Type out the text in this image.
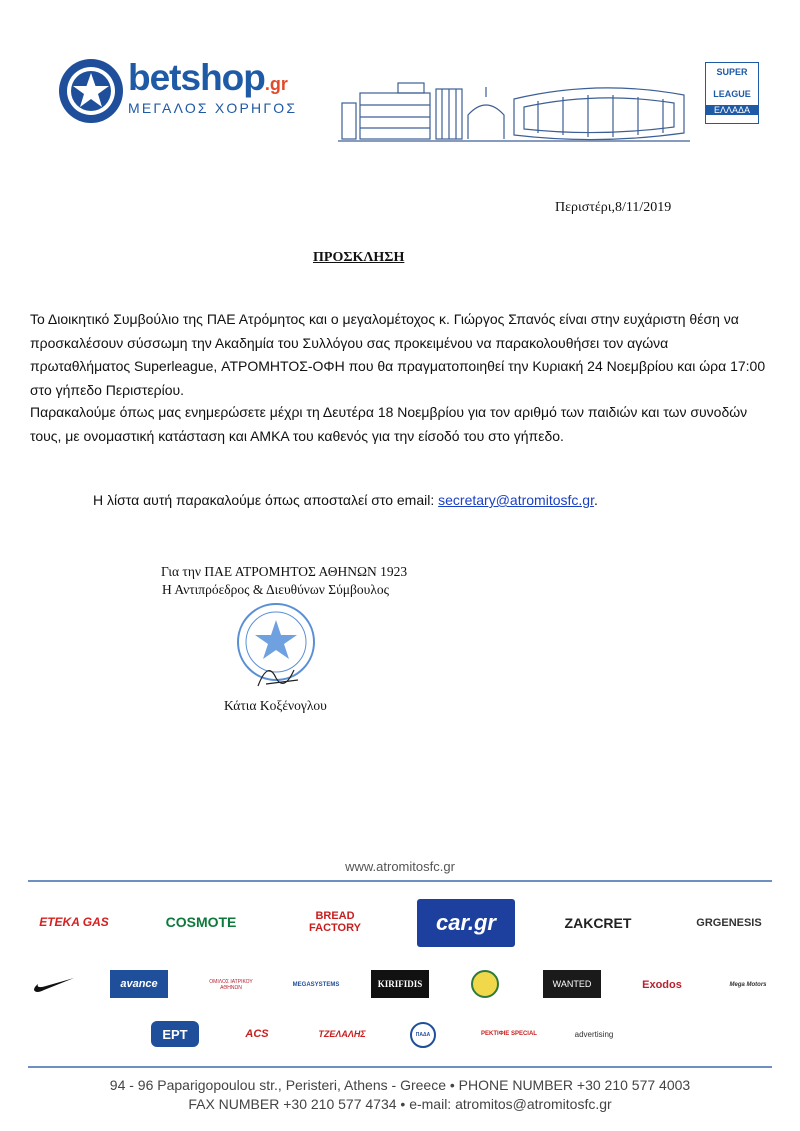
betshop.gr
ΜΕΓΑΛΟΣ ΧΟΡΗΓΟΣ
SUPER
LEAGUE
ΕΛΛΑΔΑ
Περιστέρι,8/11/2019
ΠΡΟΣΚΛΗΣΗ

Το Διοικητικό Συμβούλιο της ΠΑΕ Ατρόμητος και ο μεγαλομέτοχος κ. Γιώργος Σπανός είναι στην ευχάριστη θέση να προσκαλέσουν σύσσωμη την Ακαδημία του Συλλόγου σας προκειμένου να παρακολουθήσει τον αγώνα πρωταθλήματος Superleague, ΑΤΡΟΜΗΤΟΣ-ΟΦΗ που θα πραγματοποιηθεί την Κυριακή 24 Νοεμβρίου και ώρα 17:00 στο γήπεδο Περιστερίου.

Παρακαλούμε όπως μας ενημερώσετε μέχρι τη Δευτέρα 18 Νοεμβρίου για τον αριθμό των παιδιών και των συνοδών τους, με ονομαστική κατάσταση και ΑΜΚΑ του καθενός για την είσοδό του στο γήπεδο.

Η λίστα αυτή παρακαλούμε όπως αποσταλεί στο email: secretary@atromitosfc.gr.
Για την ΠΑΕ ΑΤΡΟΜΗΤΟΣ ΑΘΗΝΩΝ 1923
Η Αντιπρόεδρος & Διευθύνων Σύμβουλος
Κάτια Κοξένογλου
www.atromitosfc.gr
ETEKA GAS	COSMOTE	BREAD FACTORY	car.gr	ZAKCRET	GRGENESIS
avance	ΟΜΙΛΟΣ ΙΑΤΡΙΚΟΥ ΑΘΗΝΩΝ	MEGASYSTEMS	KIRIFIDIS	WANTED	Exodos	Mega Motors
ΕΡΤ	ACS	ΤΖΕΛΑΛΗΣ	ΠΑΔΑ	ΡΕΚΤΙΦΙΕ SPECIAL	advertising
94 - 96 Paparigopoulou str., Peristeri, Athens - Greece • PHONE NUMBER +30 210 577 4003
FAX NUMBER +30 210 577 4734 • e-mail: atromitos@atromitosfc.gr
